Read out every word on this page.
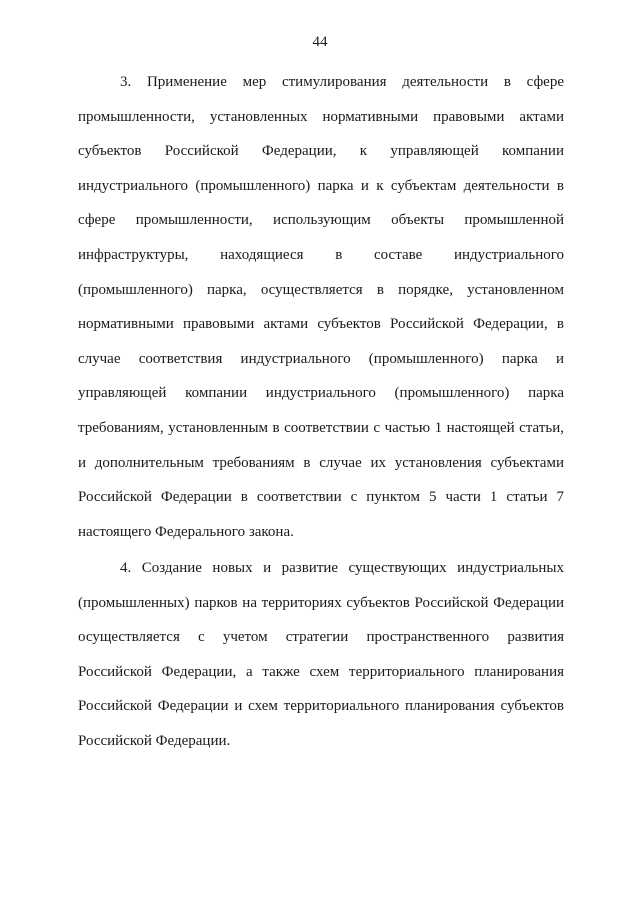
44
3. Применение мер стимулирования деятельности в сфере
промышленности, установленных нормативными правовыми актами
субъектов Российской Федерации, к управляющей компании
индустриального (промышленного) парка и к субъектам деятельности в
сфере промышленности, использующим объекты промышленной
инфраструктуры, находящиеся в составе индустриального
(промышленного) парка, осуществляется в порядке, установленном
нормативными правовыми актами субъектов Российской Федерации, в
случае соответствия индустриального (промышленного) парка и
управляющей компании индустриального (промышленного) парка
требованиям, установленным в соответствии с частью 1 настоящей статьи,
и дополнительным требованиям в случае их установления субъектами
Российской Федерации в соответствии с пунктом 5 части 1 статьи 7
настоящего Федерального закона.
4. Создание новых и развитие существующих индустриальных
(промышленных) парков на территориях субъектов Российской Федерации
осуществляется с учетом стратегии пространственного развития
Российской Федерации, а также схем территориального планирования
Российской Федерации и схем территориального планирования субъектов
Российской Федерации.
